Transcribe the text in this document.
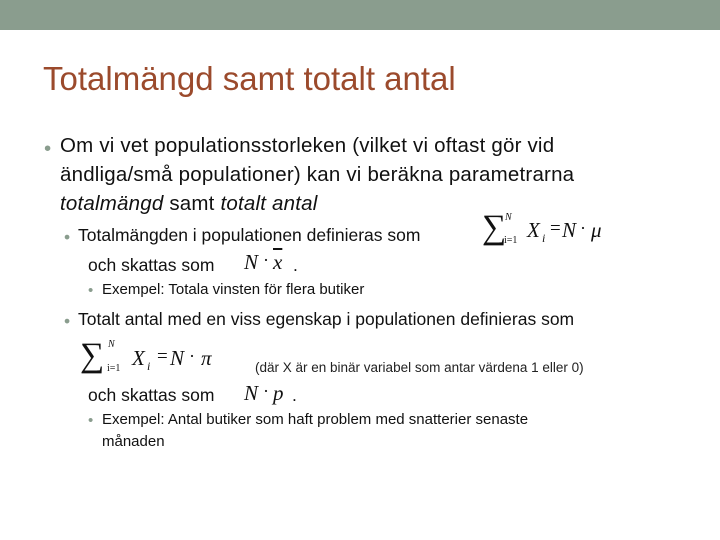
Totalmängd samt totalt antal
• Om vi vet populationsstorleken (vilket vi oftast gör vid
ändliga/små populationer) kan vi beräkna parametrarna
totalmängd samt totalt antal
• Totalmängden i populationen definieras som
och skattas som
∑
N
i=1 X i = N · μ
$N \cdot \overline{x}$ .
• Exempel: Totala vinsten för flera butiker
• Totalt antal med en viss egenskap i populationen definieras som
∑ N
i=1 X i = N · π	(där X är en binär variabel som antar värdena 1 eller 0)
och skattas som N · p .
• Exempel: Antal butiker som haft problem med snatterier senaste
månaden
